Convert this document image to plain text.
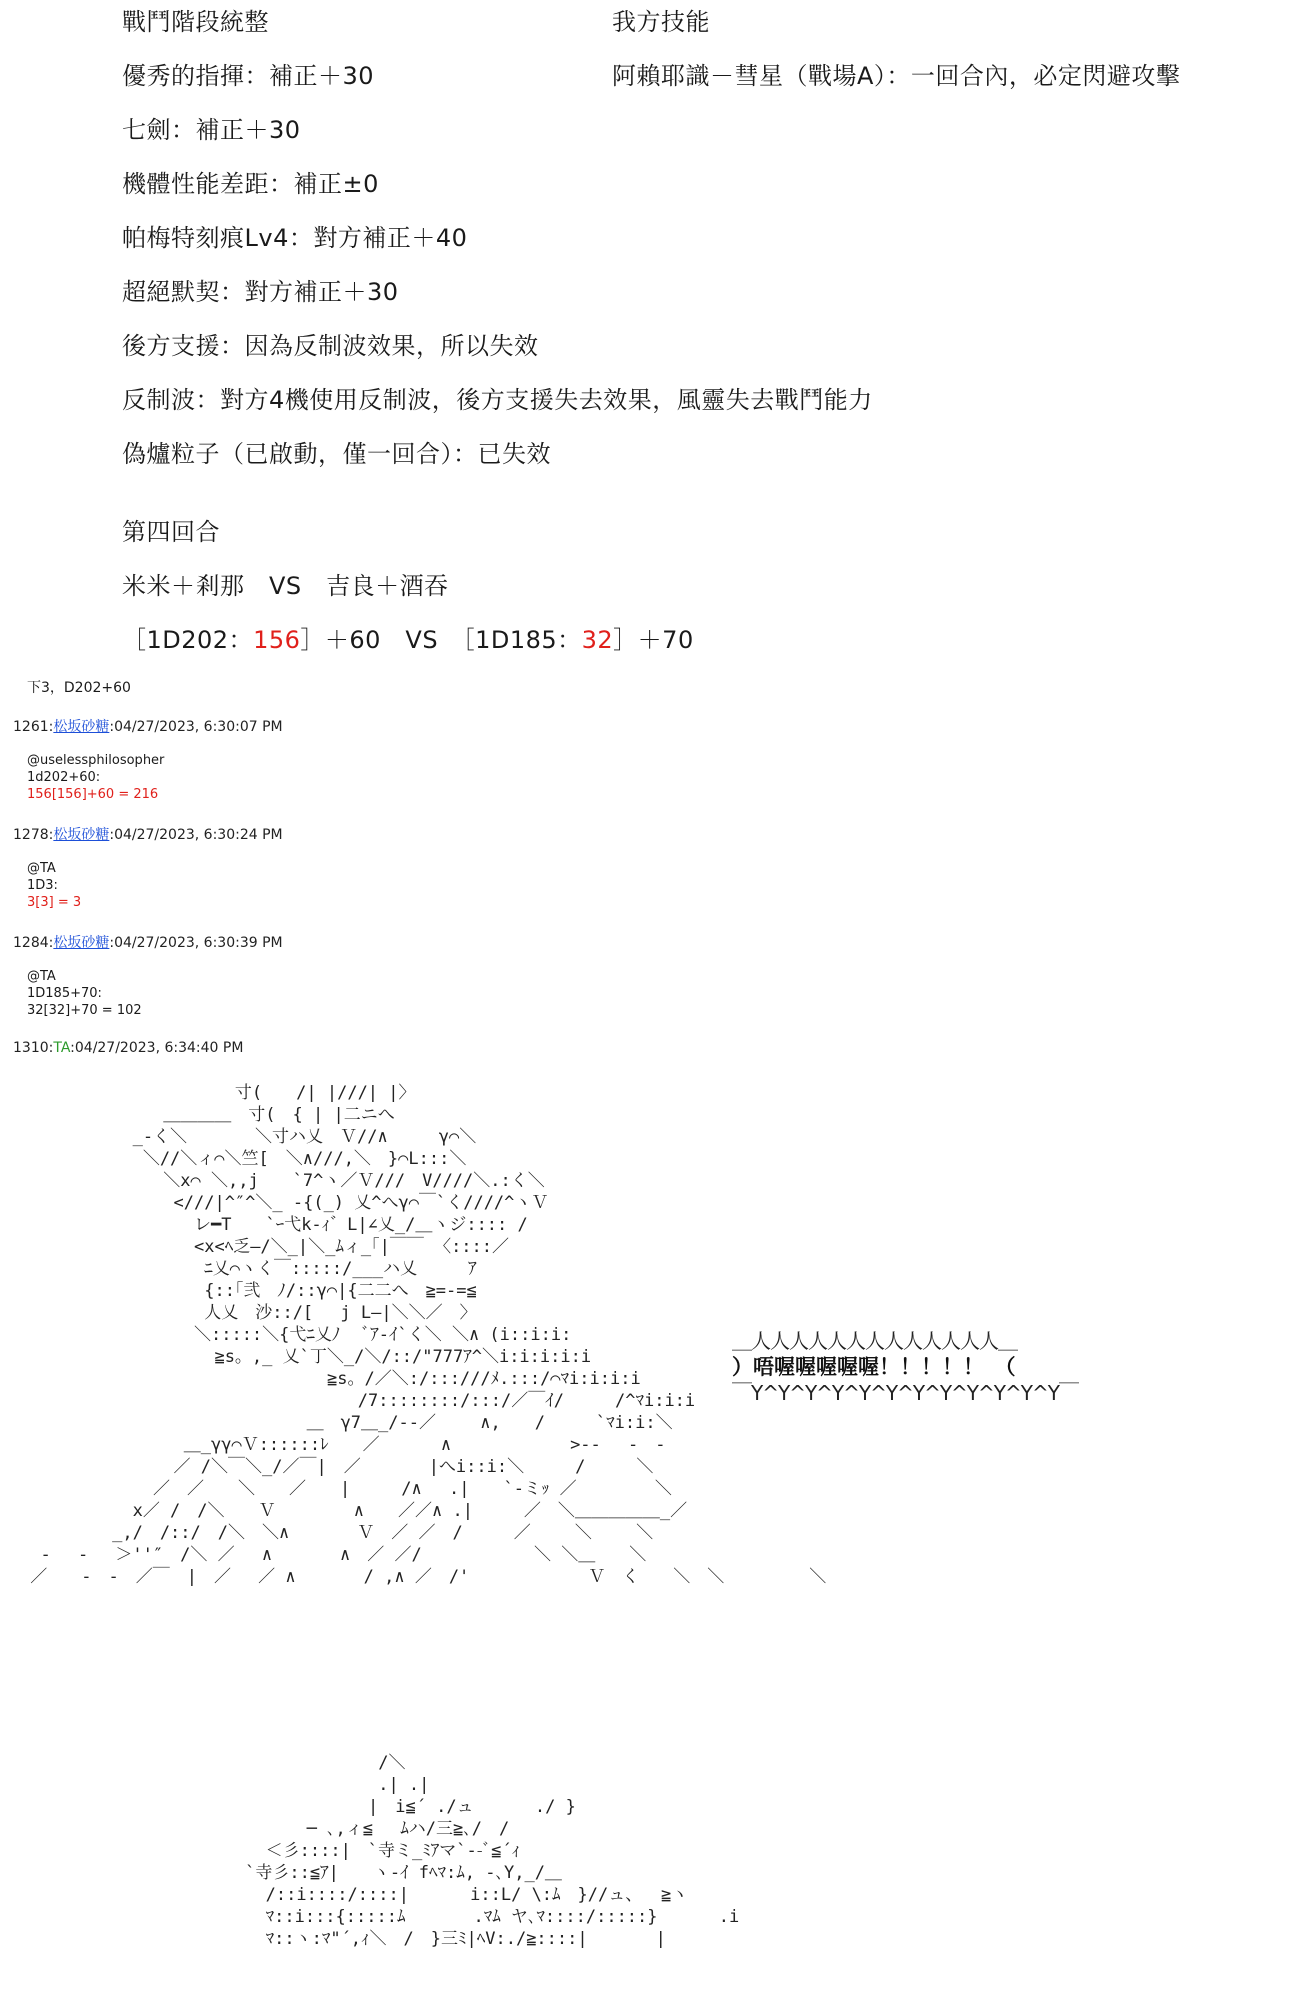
戰鬥階段統整
優秀的指揮：補正＋30
七劍：補正＋30
機體性能差距：補正±0
帕梅特刻痕Lv4：對方補正＋40
超絕默契：對方補正＋30
後方支援：因為反制波效果，所以失效
反制波：對方4機使用反制波，後方支援失去效果，風靈失去戰鬥能力
偽爐粒子（已啟動，僅一回合）：已失效
第四回合
米米＋剎那　VS　吉良＋酒吞
［1D202：156］＋60　VS　［1D185：32］＋70
我方技能
阿賴耶識－彗星（戰場A）：一回合內，必定閃避攻擊
下3，D202+60
1261:松坂砂糖:04/27/2023, 6:30:07 PM
@uselessphilosopher
1d202+60:
156[156]+60 = 216
1278:松坂砂糖:04/27/2023, 6:30:24 PM
@TA
1D3:
3[3] = 3
1284:松坂砂糖:04/27/2023, 6:30:39 PM
@TA
1D185+70:
32[32]+70 = 102
1310:TA:04/27/2023, 6:34:40 PM
寸(　　/| |///| |〉
＿＿＿＿　寸(　{ | |二ニへ
_-く＼　　　　＼寸ハ乂　Ｖ//∧　　　γ⌒＼
＼//＼ィ⌒＼竺[　＼∧///,＼　}⌒L:::＼
＼x⌒ ＼,,j　　`7^ヽ／Ｖ///　V////＼.:く＼
<///|^″^＼_ -{(_) 乂^へγ⌒￣`く////^ヽＶ
レ━T　　`ｰ弋k-ｨ゛L|∠乂_/＿ヽジ:::: /
<x<ﾍ乏―/＼_|＼_ﾑィ_｢|￣￣ 〈::::／
ﾆ乂⌒ヽく￣:::::/___ハ乂　　　ｱ
{::｢弐　ﾉ/::γ⌒|{二二へ　≧=-=≦
人乂　沙::/[　 j L―|＼＼／　〉
＼:::::＼{弋ﾆ乂ﾉ　 ﾞｱ-ｲ`く＼ ＼∧ (i::i:i:
≧s。,_ 乂`丁＼_/＼/::/"777ｱ^＼i:i:i:i:i
≧s。/／＼:/:::///ﾒ.:::/⌒ﾏi:i:i:i
/7::::::::/:::/／￣ｲ/　　　/^ﾏi:i:i
＿　γ7＿_/--／　　 ∧,　　/　　　`ﾏi:i:＼
＿_γγ⌒Ｖ::::::ﾚ　　／　　　 ∧　　　　　　　>--　 -　-
／ /＼￣＼_/／￣|　／　　　　|へi::i:＼　　　/　　　＼
／　／　　＼　　／　　|　　　/∧　 .|　　`-ミｯ ／　　　　 ＼
x／ /　/＼　　Ｖ　　　　 ∧　　／／∧ .|　　　／　＼＿＿＿＿＿_／
_,/　/::/　/＼　＼∧　　　　Ｖ　／ ／　/　　　／　　 ＼　　 ＼
-　 -　 ＞''″　/＼ ／　 ∧　　　　∧　／ ／/　　　　　　 ＼ ＼＿　　＼
／　　-　-　／￣　|　／ 　／ ∧　　　　/ ,∧ ／　/'　　　　　　　Ｖ　く　　＼　＼　　　　　＼
＿人人人人人人人人人人人人人＿
）唔喔喔喔喔喔！！！！！　（
￣Y^Y^Y^Y^Y^Y^Y^Y^Y^Y^Y^Y￣
/＼
.| .|
|　i≦´ ./ュ　　　 ./ }
─ ､,ィ≦　 ﾑハ/三≧､/　/
＜彡::::|　`寺ミ_ﾐｱマ`--ﾞ≦´ｨ
`寺彡::≦ｱ|　　ヽ-ｲ fﾍﾏ:ﾑ, -､Y,_/＿
/::i::::/::::|　　　 i::L/ \:ﾑ　}//ュ、　 ≧ヽ
ﾏ::i:::{:::::ﾑ　　　　.ﾏﾑ ヤ､ﾏ::::/:::::}　　　 .i
ﾏ::ヽ:ﾏ"´,ｨ＼　/　}三ﾐ|ﾍV:./≧::::|　　　　|
